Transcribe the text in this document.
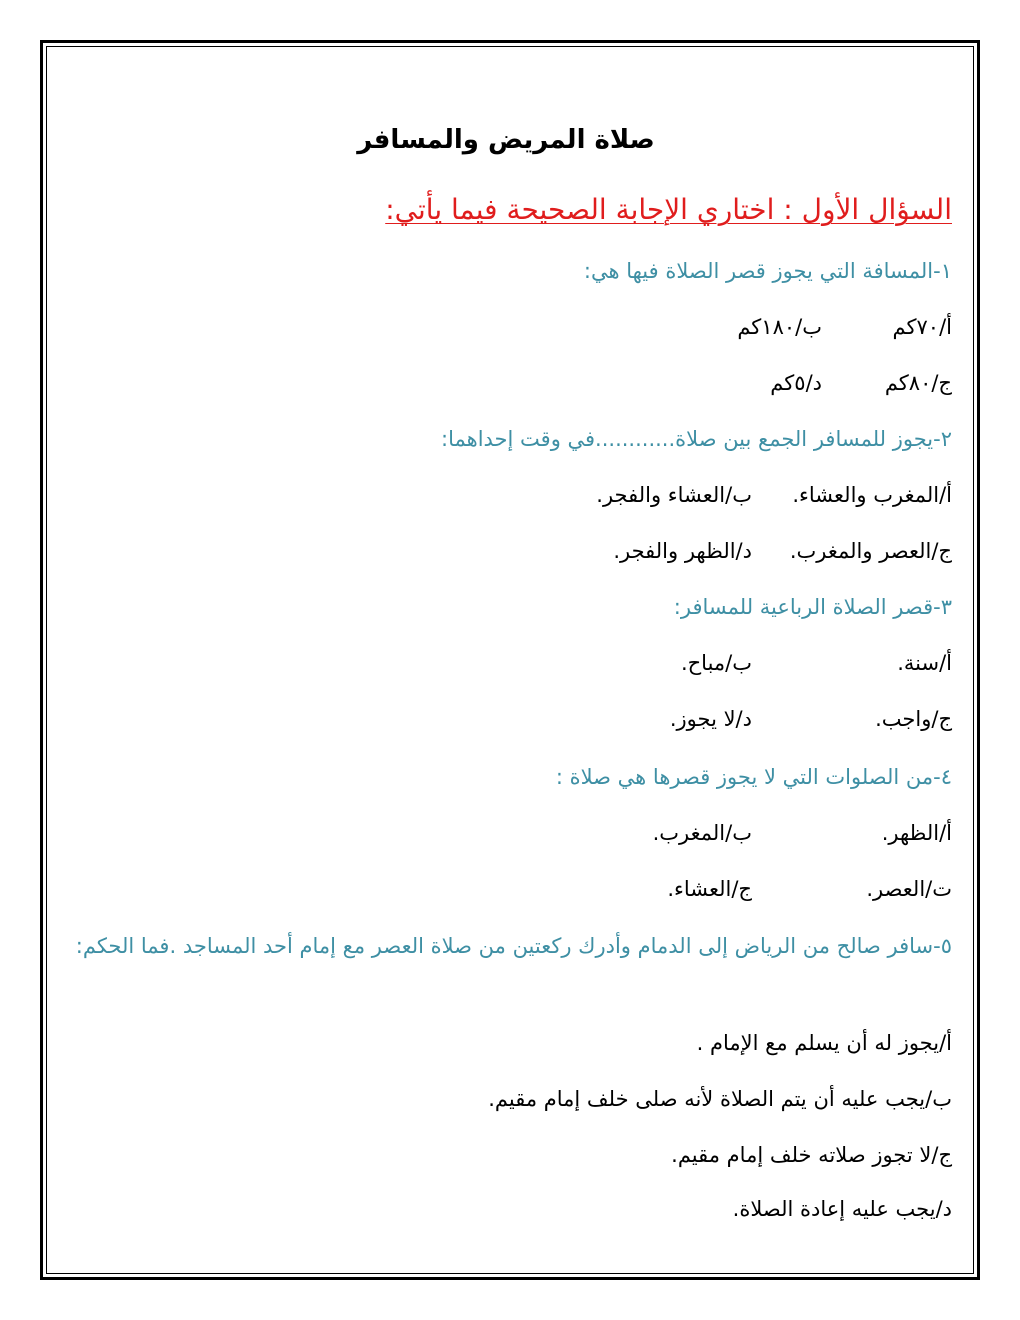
صلاة المريض والمسافر
السؤال الأول : اختاري الإجابة الصحيحة فيما يأتي:
١-المسافة التي يجوز قصر الصلاة فيها هي:
أ/٧٠كمب/١٨٠كم
ج/٨٠كمد/٥كم
٢-يجوز للمسافر الجمع بين صلاة............في وقت إحداهما:
أ/المغرب والعشاء.ب/العشاء والفجر.
ج/العصر والمغرب.د/الظهر والفجر.
٣-قصر الصلاة الرباعية للمسافر:
أ/سنة.ب/مباح.
ج/واجب.د/لا يجوز.
٤-من الصلوات التي لا يجوز قصرها هي صلاة :
أ/الظهر.ب/المغرب.
ت/العصر.ج/العشاء.
٥-سافر صالح من الرياض إلى الدمام وأدرك ركعتين من صلاة العصر مع إمام أحد المساجد .فما الحكم:
أ/يجوز له أن يسلم مع الإمام .
ب/يجب عليه أن يتم الصلاة لأنه صلى خلف إمام مقيم.
ج/لا تجوز صلاته خلف إمام مقيم.
د/يجب عليه إعادة الصلاة.
